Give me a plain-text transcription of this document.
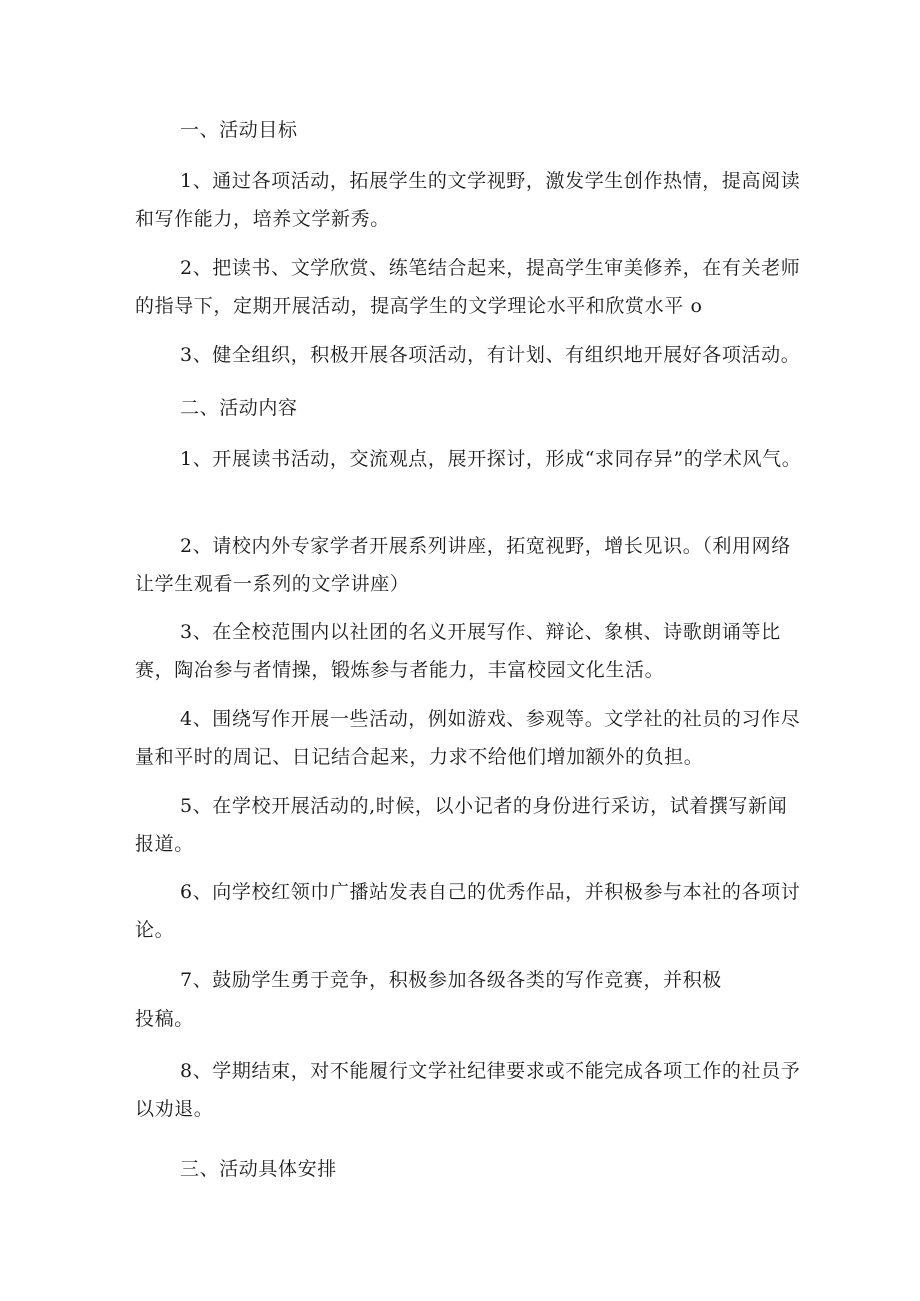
一、活动目标

1、通过各项活动，拓展学生的文学视野，激发学生创作热情，提高阅读和写作能力，培养文学新秀。

2、把读书、文学欣赏、练笔结合起来，提高学生审美修养，在有关老师的指导下，定期开展活动，提高学生的文学理论水平和欣赏水平 o

3、健全组织，积极开展各项活动，有计划、有组织地开展好各项活动。

二、活动内容

1、开展读书活动，交流观点，展开探讨，形成“求同存异”的学术风气。

2、请校内外专家学者开展系列讲座，拓宽视野，增长见识。（利用网络让学生观看一系列的文学讲座）

3、在全校范围内以社团的名义开展写作、辩论、象棋、诗歌朗诵等比赛，陶冶参与者情操，锻炼参与者能力，丰富校园文化生活。

4、围绕写作开展一些活动，例如游戏、参观等。文学社的社员的习作尽量和平时的周记、日记结合起来，力求不给他们增加额外的负担。

5、在学校开展活动的,时候，以小记者的身份进行采访，试着撰写新闻报道。

6、向学校红领巾广播站发表自己的优秀作品，并积极参与本社的各项讨论。

7、鼓励学生勇于竞争，积极参加各级各类的写作竞赛，并积极

投稿。

8、学期结束，对不能履行文学社纪律要求或不能完成各项工作的社员予以劝退。

三、活动具体安排
